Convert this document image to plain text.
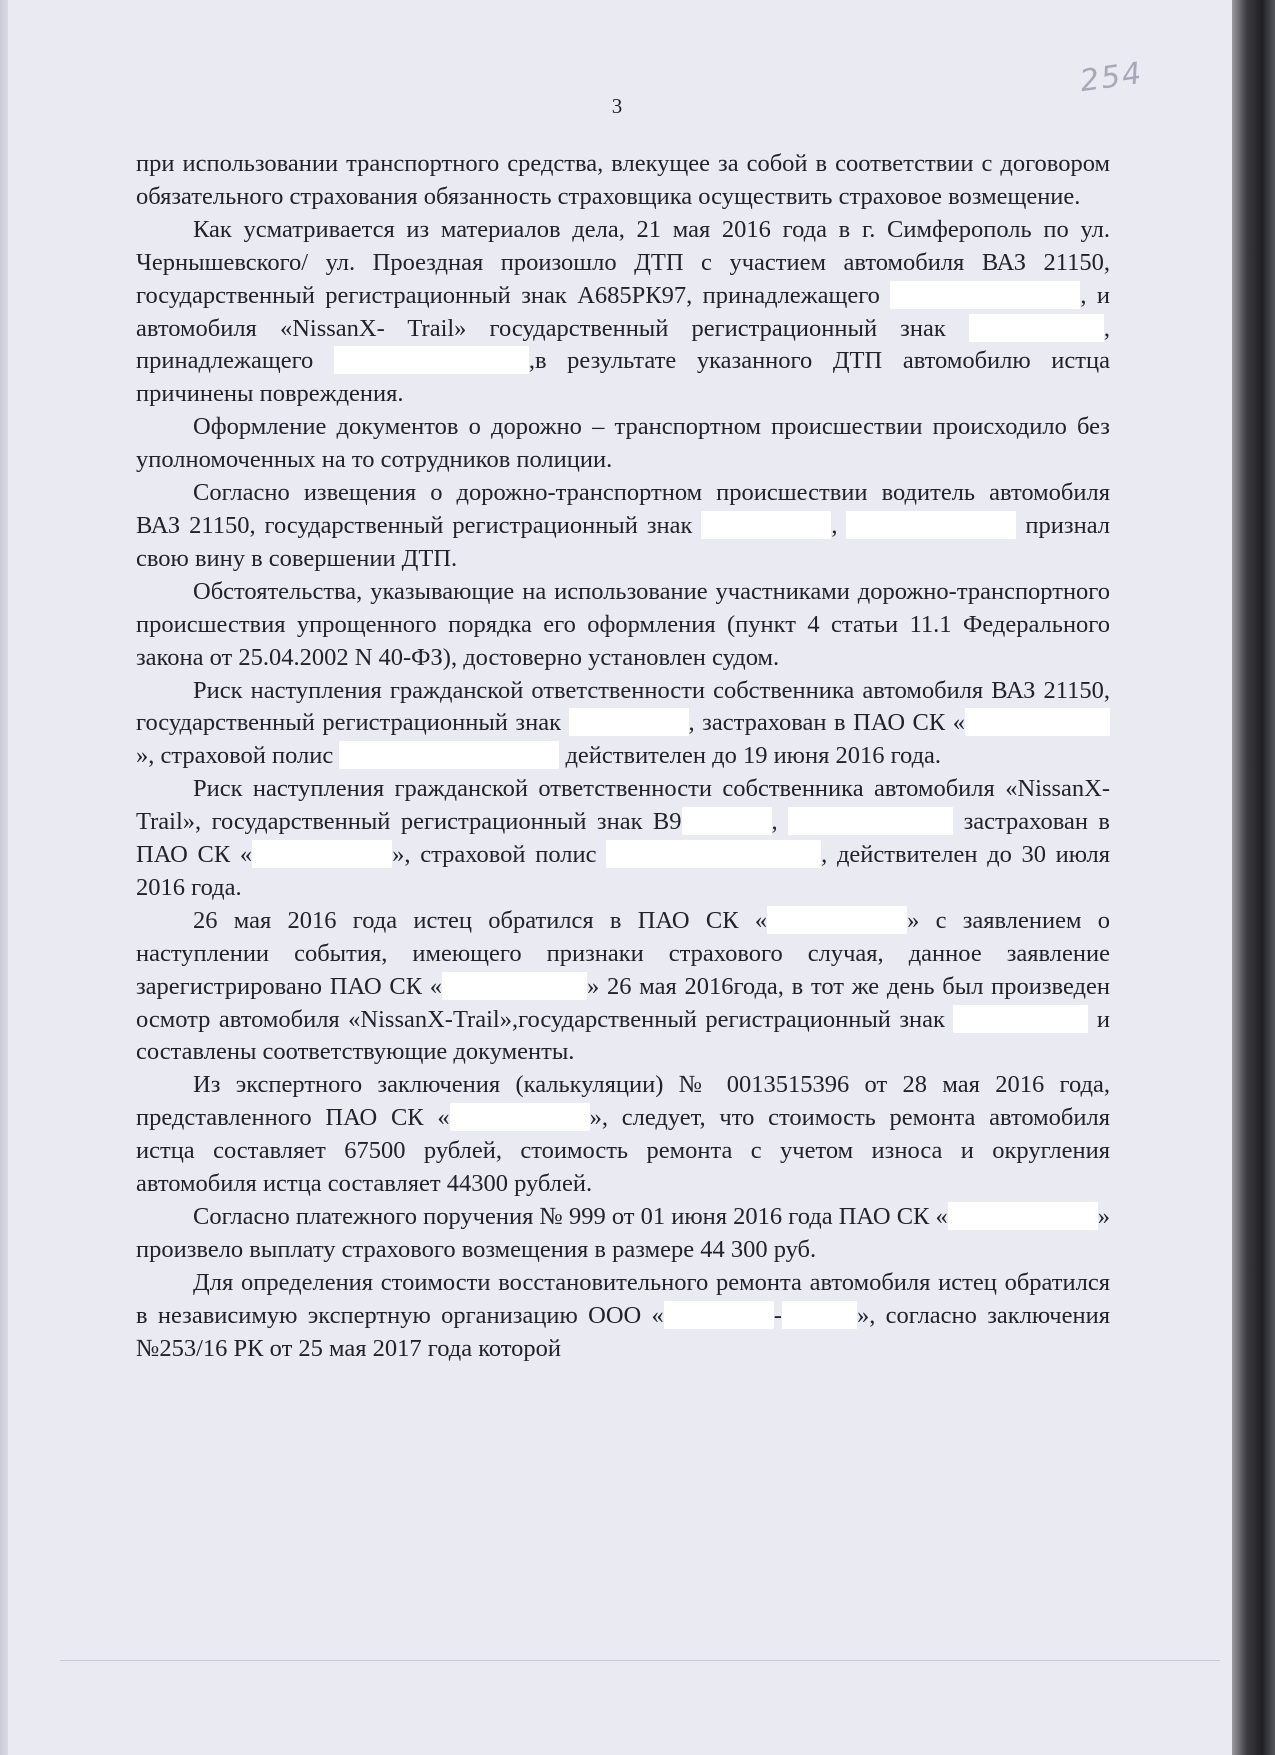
3
254

при использовании транспортного средства, влекущее за собой в соответствии с договором обязательного страхования обязанность страховщика осуществить страховое возмещение.

Как усматривается из материалов дела, 21 мая 2016 года в г. Симферополь по ул. Чернышевского/ ул. Проездная произошло ДТП с участием автомобиля ВАЗ 21150, государственный регистрационный знак А685РК97, принадлежащего	, и автомобиля «NissanX- Trail» государственный регистрационный знак	, принадлежащего	,в результате указанного ДТП автомобилю истца причинены повреждения.

Оформление документов о дорожно – транспортном происшествии происходило без уполномоченных на то сотрудников полиции.

Согласно извещения о дорожно-транспортном происшествии водитель автомобиля ВАЗ 21150, государственный регистрационный знак	,	признал свою вину в совершении ДТП.

Обстоятельства, указывающие на использование участниками дорожно-транспортного происшествия упрощенного порядка его оформления (пункт 4 статьи 11.1 Федерального закона от 25.04.2002 N 40-ФЗ), достоверно установлен судом.

Риск наступления гражданской ответственности собственника автомобиля ВАЗ 21150, государственный регистрационный знак	, застрахован в ПАО СК «», страховой полис	действителен до 19 июня 2016 года.

Риск наступления гражданской ответственности собственника автомобиля «NissanX-Trail», государственный регистрационный знак В9	,	застрахован в ПАО СК «	», страховой полис	, действителен до 30 июля 2016 года.

26 мая 2016 года истец обратился в ПАО СК «	» с заявлением о наступлении события, имеющего признаки страхового случая, данное заявление зарегистрировано ПАО СК «	» 26 мая 2016года, в тот же день был произведен осмотр автомобиля «NissanX-Trail»,государственный регистрационный знак	и составлены соответствующие документы.

Из экспертного заключения (калькуляции) № 0013515396 от 28 мая 2016 года, представленного ПАО СК «	», следует, что стоимость ремонта автомобиля истца составляет 67500 рублей, стоимость ремонта с учетом износа и округления автомобиля истца составляет 44300 рублей.

Согласно платежного поручения № 999 от 01 июня 2016 года ПАО СК «	» произвело выплату страхового возмещения в размере 44 300 руб.

Для определения стоимости восстановительного ремонта автомобиля истец обратился в независимую экспертную организацию ООО «	-	», согласно заключения №253/16 РК от 25 мая 2017 года которой
